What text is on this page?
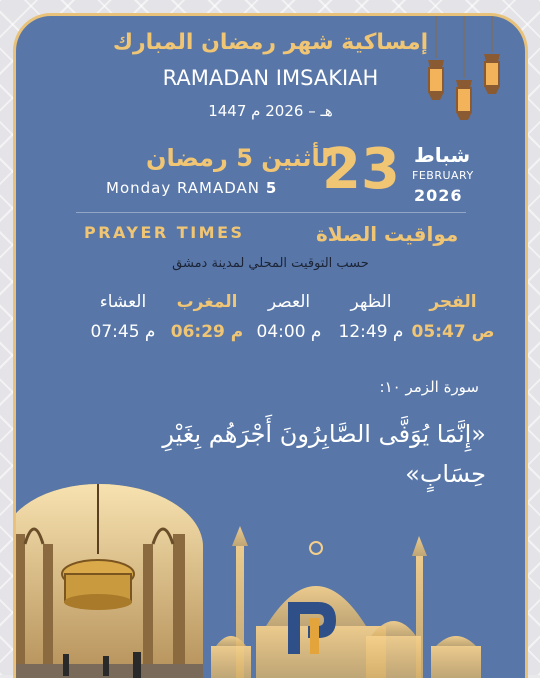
إمساكية شهر رمضان المبارك
RAMADAN IMSAKIAH
هـ – 2026 م 1447
الأثنين 5 رمضان
Monday RAMADAN 5 23 شباط
FEBRUARY
2026
PRAYER TIMES	مواقيت الصلاة
حسب التوقيت المحلي لمدينة دمشق
الفجر
ص 05:47
الظهر
م 12:49
العصر
م 04:00
المغرب
م 06:29
العشاء
م 07:45
سورة الزمر ١٠:
«إِنَّمَا يُوَفَّى الصَّابِرُونَ أَجْرَهُم بِغَيْرِ حِسَابٍ»
